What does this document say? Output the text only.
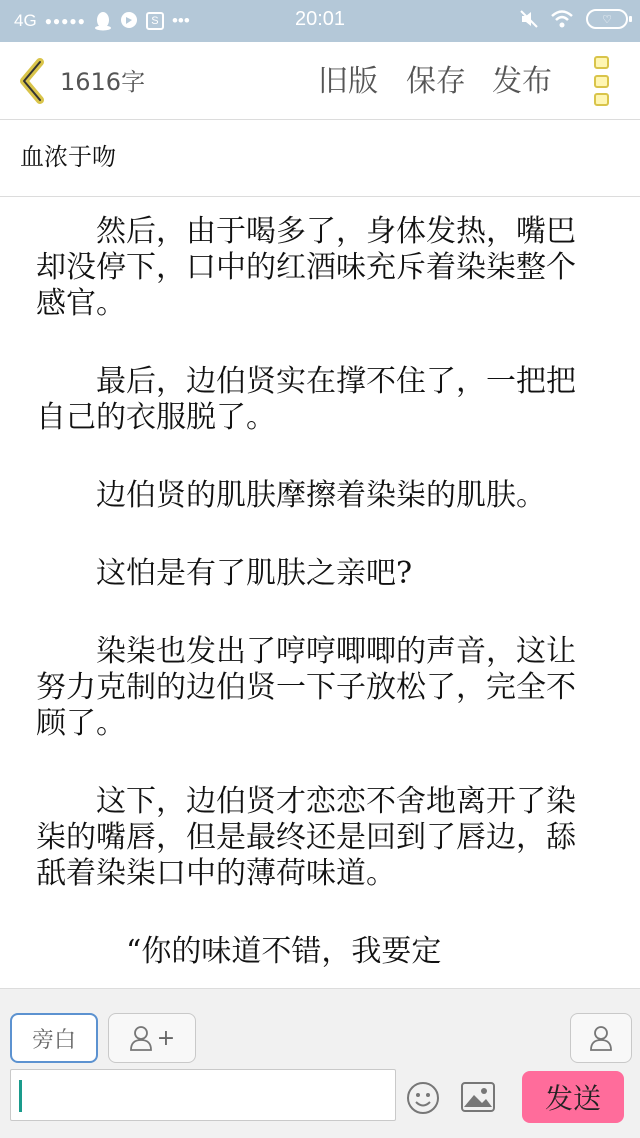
4G ●●●●●	S •••	20:01	♡
1616字	旧版 保存 发布
血浓于吻

然后，由于喝多了，身体发热，嘴巴却没停下，口中的红酒味充斥着染柒整个感官。

最后，边伯贤实在撑不住了，一把把自己的衣服脱了。

边伯贤的肌肤摩擦着染柒的肌肤。

这怕是有了肌肤之亲吧?

染柒也发出了哼哼唧唧的声音，这让努力克制的边伯贤一下子放松了，完全不顾了。

这下，边伯贤才恋恋不舍地离开了染柒的嘴唇，但是最终还是回到了唇边，舔舐着染柒口中的薄荷味道。

“你的味道不错，我要定

旁白	+
发送
